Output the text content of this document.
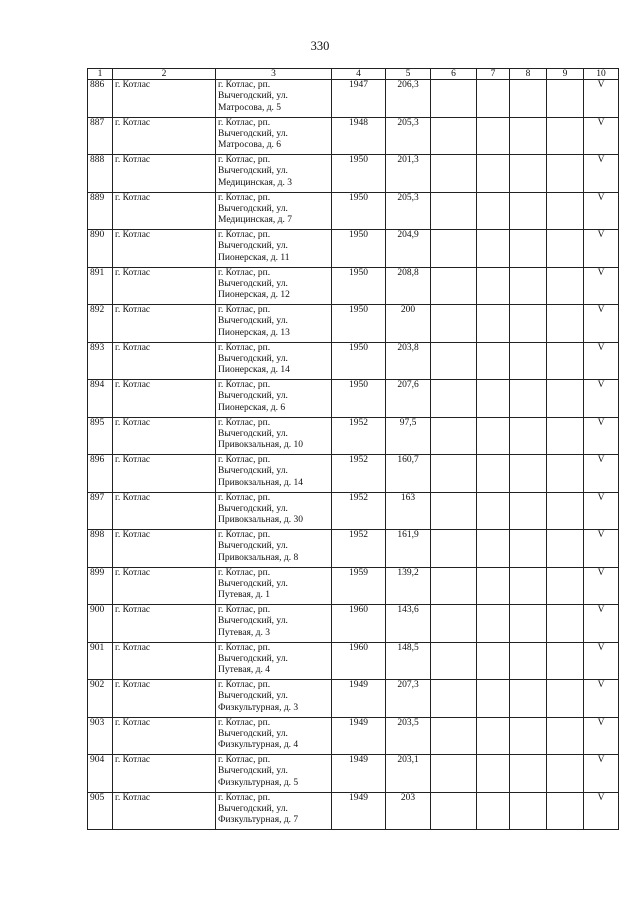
330
1	2	3	4	5	6	7	8	9	10
886	г. Котлас	г. Котлас, рп.
Вычегодский, ул.
Матросова, д. 5	1947	206,3					V
887	г. Котлас	г. Котлас, рп.
Вычегодский, ул.
Матросова, д. 6	1948	205,3					V
888	г. Котлас	г. Котлас, рп.
Вычегодский, ул.
Медицинская, д. 3	1950	201,3					V
889	г. Котлас	г. Котлас, рп.
Вычегодский, ул.
Медицинская, д. 7	1950	205,3					V
890	г. Котлас	г. Котлас, рп.
Вычегодский, ул.
Пионерская, д. 11	1950	204,9					V
891	г. Котлас	г. Котлас, рп.
Вычегодский, ул.
Пионерская, д. 12	1950	208,8					V
892	г. Котлас	г. Котлас, рп.
Вычегодский, ул.
Пионерская, д. 13	1950	200					V
893	г. Котлас	г. Котлас, рп.
Вычегодский, ул.
Пионерская, д. 14	1950	203,8					V
894	г. Котлас	г. Котлас, рп.
Вычегодский, ул.
Пионерская, д. 6	1950	207,6					V
895	г. Котлас	г. Котлас, рп.
Вычегодский, ул.
Привокзальная, д. 10	1952	97,5					V
896	г. Котлас	г. Котлас, рп.
Вычегодский, ул.
Привокзальная, д. 14	1952	160,7					V
897	г. Котлас	г. Котлас, рп.
Вычегодский, ул.
Привокзальная, д. 30	1952	163					V
898	г. Котлас	г. Котлас, рп.
Вычегодский, ул.
Привокзальная, д. 8	1952	161,9					V
899	г. Котлас	г. Котлас, рп.
Вычегодский, ул.
Путевая, д. 1	1959	139,2					V
900	г. Котлас	г. Котлас, рп.
Вычегодский, ул.
Путевая, д. 3	1960	143,6					V
901	г. Котлас	г. Котлас, рп.
Вычегодский, ул.
Путевая, д. 4	1960	148,5					V
902	г. Котлас	г. Котлас, рп.
Вычегодский, ул.
Физкультурная, д. 3	1949	207,3					V
903	г. Котлас	г. Котлас, рп.
Вычегодский, ул.
Физкультурная, д. 4	1949	203,5					V
904	г. Котлас	г. Котлас, рп.
Вычегодский, ул.
Физкультурная, д. 5	1949	203,1					V
905	г. Котлас	г. Котлас, рп.
Вычегодский, ул.
Физкультурная, д. 7	1949	203					V
